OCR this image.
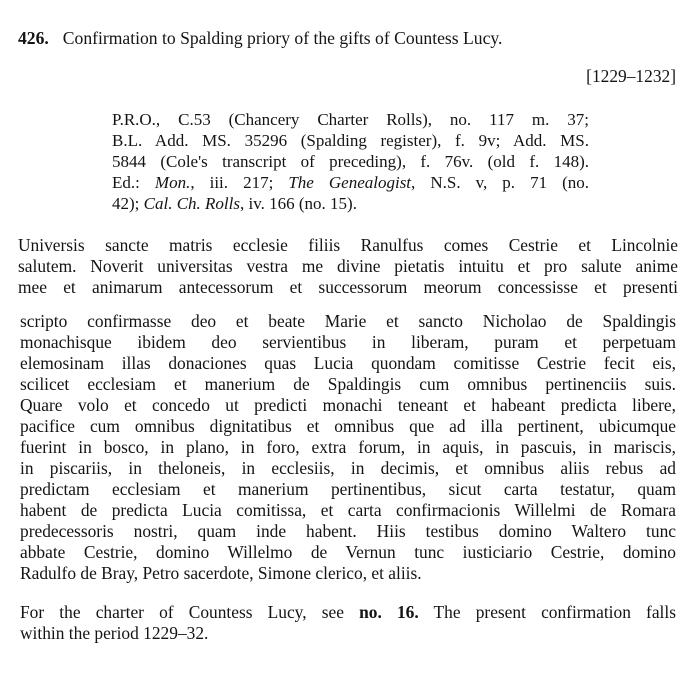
426. Confirmation to Spalding priory of the gifts of Countess Lucy.
[1229–1232]
P.R.O., C.53 (Chancery Charter Rolls), no. 117 m. 37;
B.L. Add. MS. 35296 (Spalding register), f. 9v; Add. MS.
5844 (Cole's transcript of preceding), f. 76v. (old f. 148).
Ed.: Mon., iii. 217; The Genealogist, N.S. v, p. 71 (no.
42); Cal. Ch. Rolls, iv. 166 (no. 15).
Universis sancte matris ecclesie filiis Ranulfus comes Cestrie et Lincolnie
salutem. Noverit universitas vestra me divine pietatis intuitu et pro salute anime
mee et animarum antecessorum et successorum meorum concessisse et presenti
scripto confirmasse deo et beate Marie et sancto Nicholao de Spaldingis
monachisque ibidem deo servientibus in liberam, puram et perpetuam
elemosinam illas donaciones quas Lucia quondam comitisse Cestrie fecit eis,
scilicet ecclesiam et manerium de Spaldingis cum omnibus pertinenciis suis.
Quare volo et concedo ut predicti monachi teneant et habeant predicta libere,
pacifice cum omnibus dignitatibus et omnibus que ad illa pertinent, ubicumque
fuerint in bosco, in plano, in foro, extra forum, in aquis, in pascuis, in mariscis,
in piscariis, in theloneis, in ecclesiis, in decimis, et omnibus aliis rebus ad
predictam ecclesiam et manerium pertinentibus, sicut carta testatur, quam
habent de predicta Lucia comitissa, et carta confirmacionis Willelmi de Romara
predecessoris nostri, quam inde habent. Hiis testibus domino Waltero tunc
abbate Cestrie, domino Willelmo de Vernun tunc iusticiario Cestrie, domino
Radulfo de Bray, Petro sacerdote, Simone clerico, et aliis.
For the charter of Countess Lucy, see no. 16. The present confirmation falls
within the period 1229–32.
